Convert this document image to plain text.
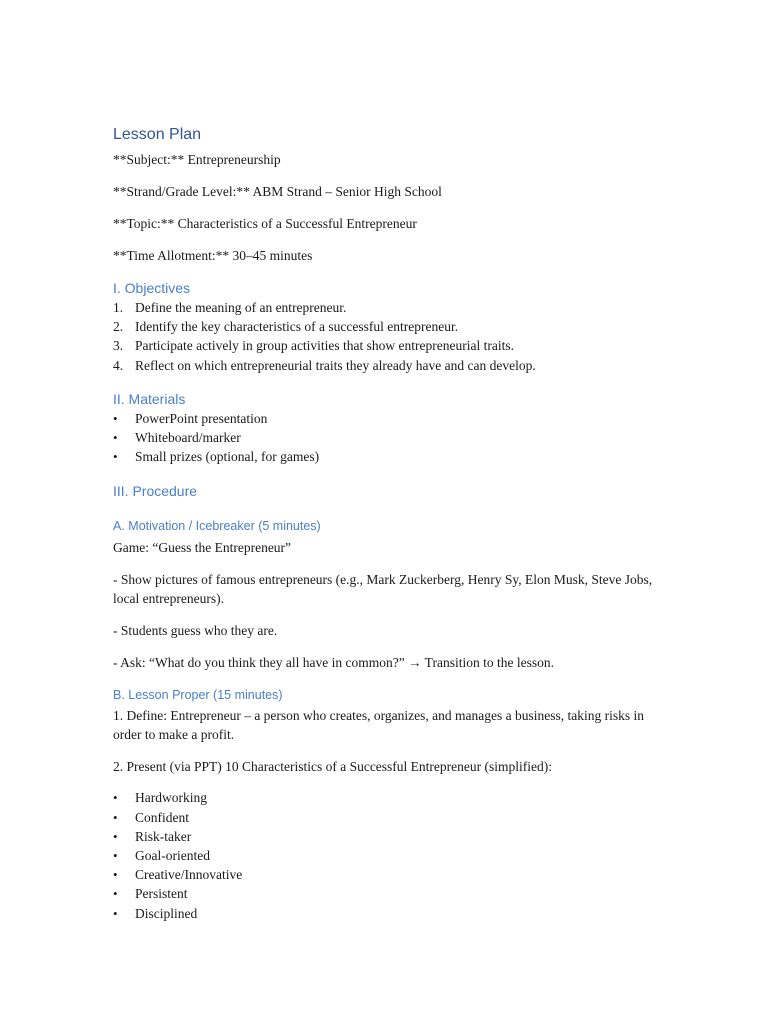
Lesson Plan

**Subject:** Entrepreneurship

**Strand/Grade Level:** ABM Strand – Senior High School

**Topic:** Characteristics of a Successful Entrepreneur

**Time Allotment:** 30–45 minutes

I. Objectives
1. Define the meaning of an entrepreneur.
2. Identify the key characteristics of a successful entrepreneur.
3. Participate actively in group activities that show entrepreneurial traits.
4. Reflect on which entrepreneurial traits they already have and can develop.
II. Materials
• PowerPoint presentation
• Whiteboard/marker
• Small prizes (optional, for games)
III. Procedure
A. Motivation / Icebreaker (5 minutes)

Game: “Guess the Entrepreneur”

- Show pictures of famous entrepreneurs (e.g., Mark Zuckerberg, Henry Sy, Elon Musk, Steve Jobs, local entrepreneurs).

- Students guess who they are.

- Ask: “What do you think they all have in common?” → Transition to the lesson.

B. Lesson Proper (15 minutes)

1. Define: Entrepreneur – a person who creates, organizes, and manages a business, taking risks in order to make a profit.

2. Present (via PPT) 10 Characteristics of a Successful Entrepreneur (simplified):

• Hardworking
• Confident
• Risk-taker
• Goal-oriented
• Creative/Innovative
• Persistent
• Disciplined
